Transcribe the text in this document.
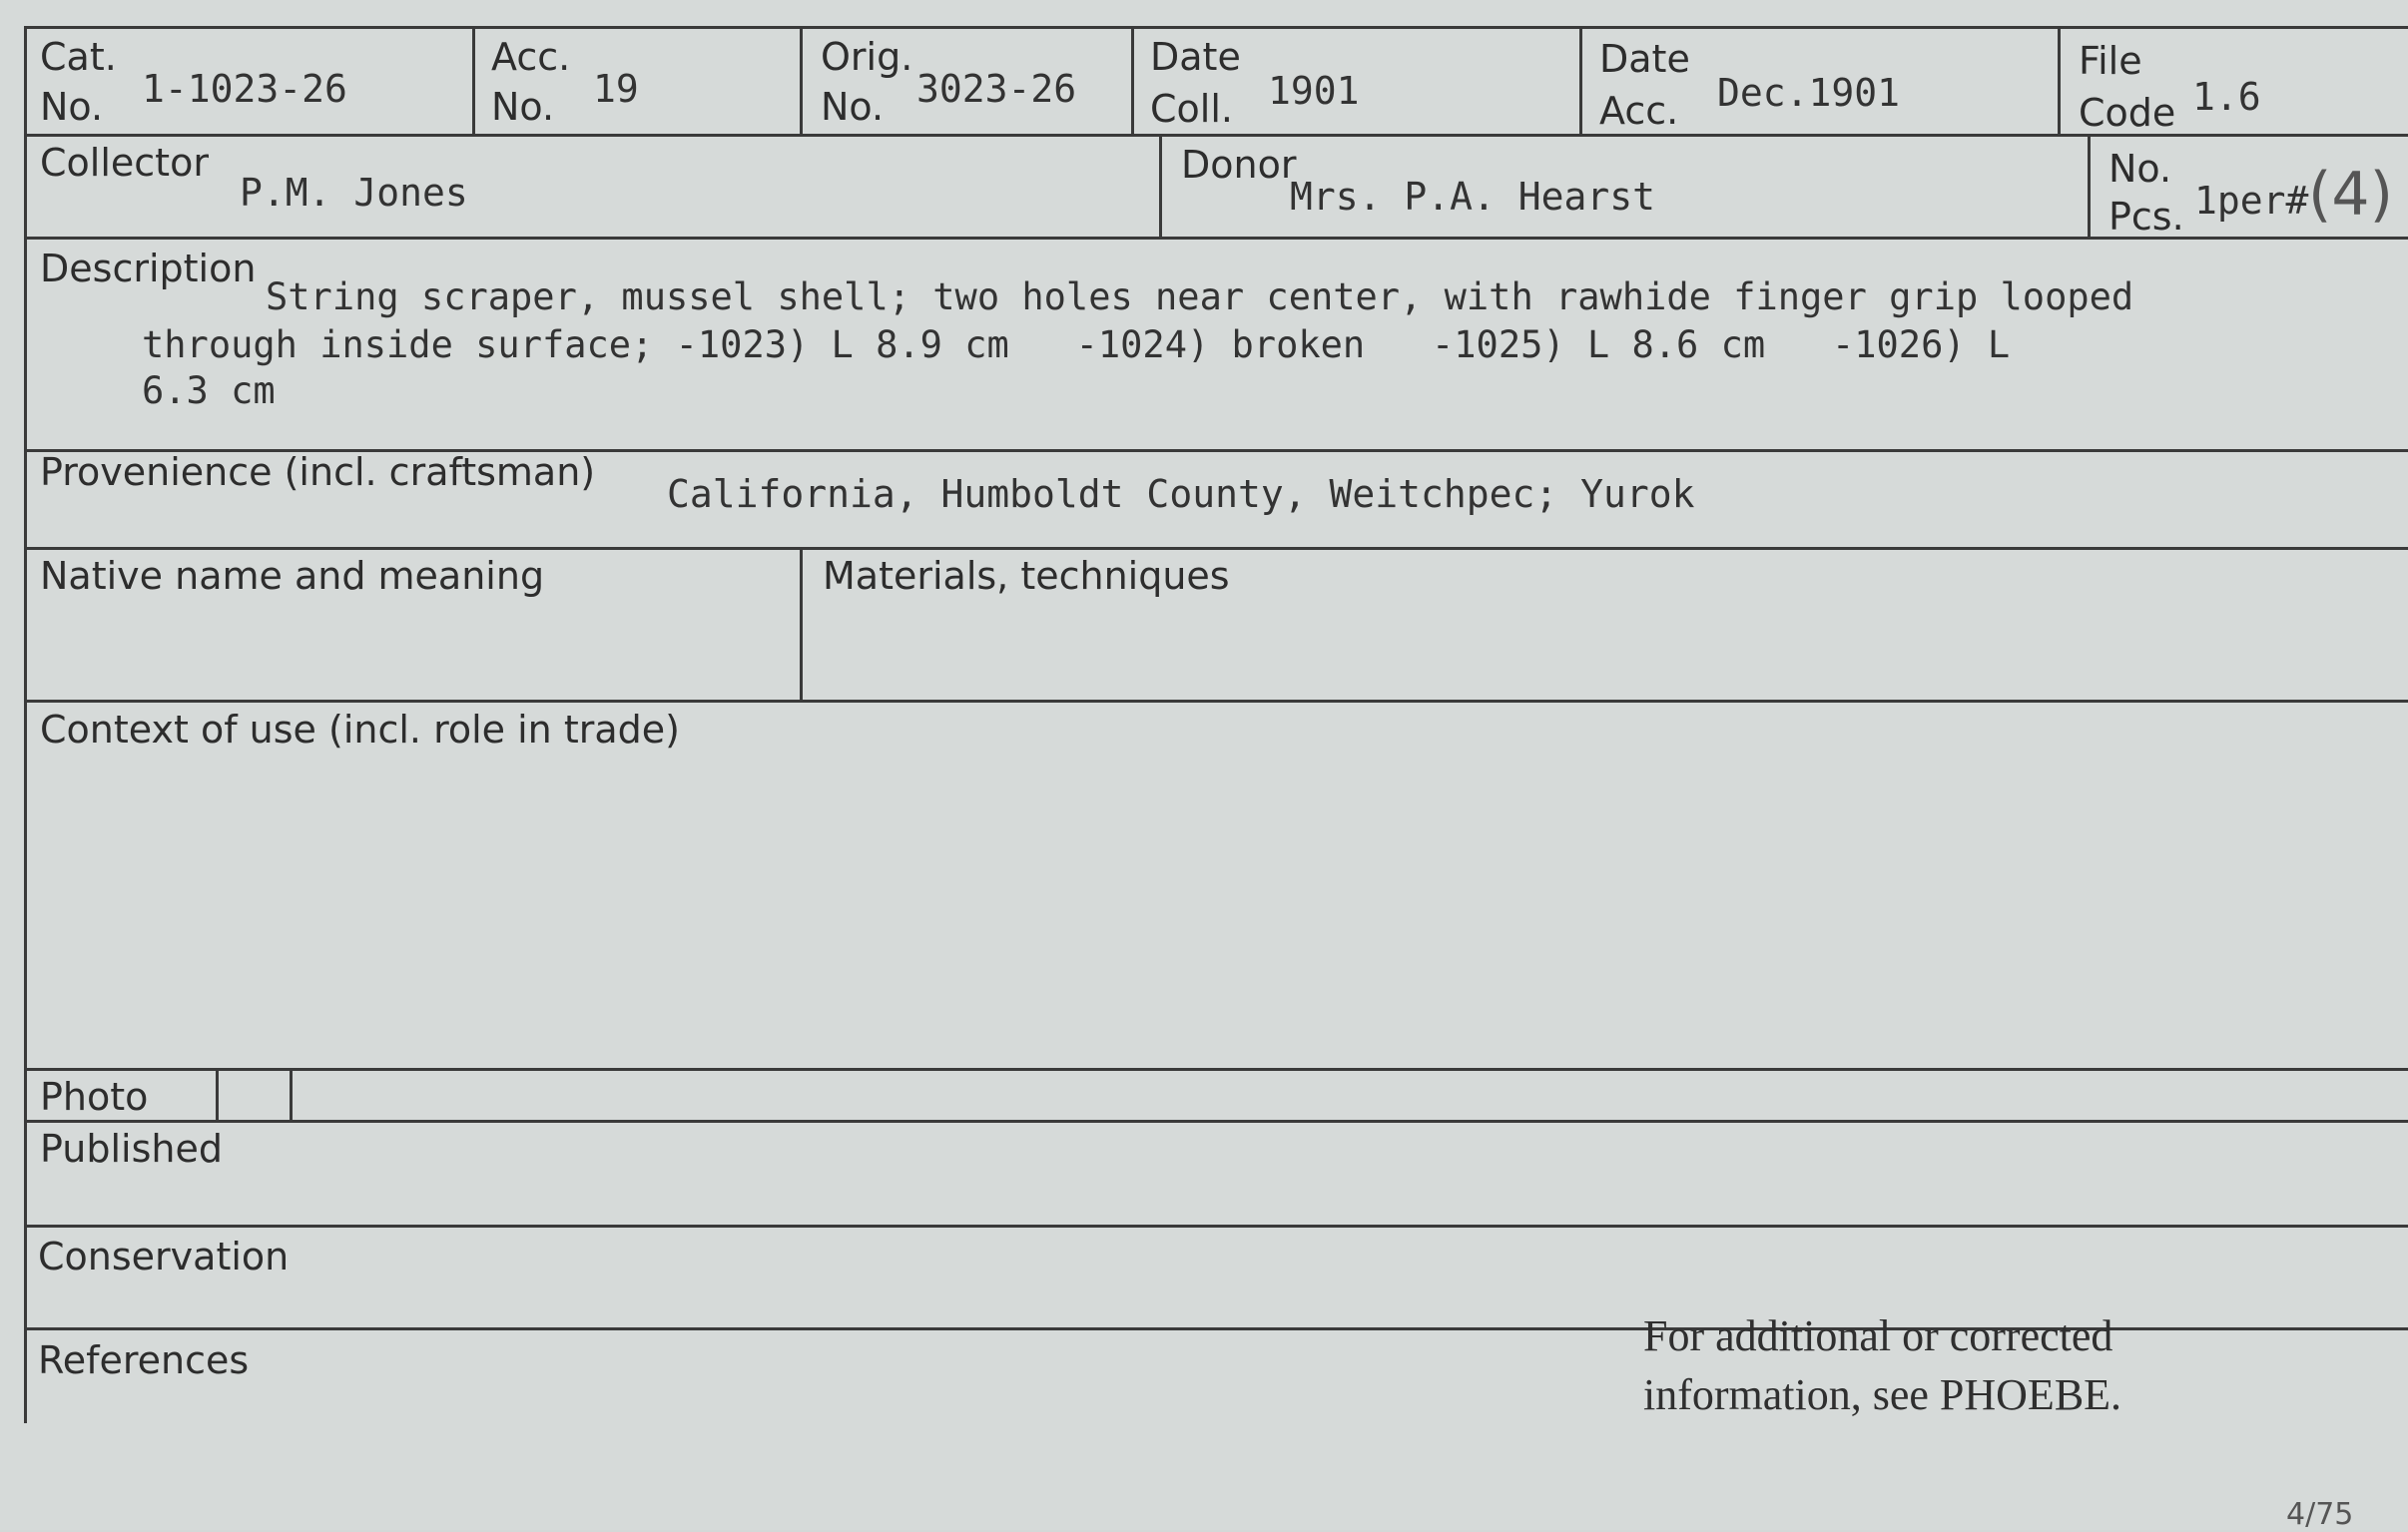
Cat.
No. 1-1023-26
Acc.
No. 19
Orig.
No. 3023-26
Date
Coll. 1901
Date
Acc. Dec.1901
File
Code 1.6
Collector
P.M. Jones
Donor
Mrs. P.A. Hearst
No.
Pcs. 1per# (4)
Description
String scraper, mussel shell; two holes near center, with rawhide finger grip looped
through inside surface; -1023) L 8.9 cm   -1024) broken   -1025) L 8.6 cm   -1026) L
6.3 cm
Provenience (incl. craftsman) California, Humboldt County, Weitchpec; Yurok
Native name and meaning	Materials, techniques
Context of use (incl. role in trade)
Photo
Published
Conservation
References	For additional or corrected
information, see PHOEBE.
4/75
